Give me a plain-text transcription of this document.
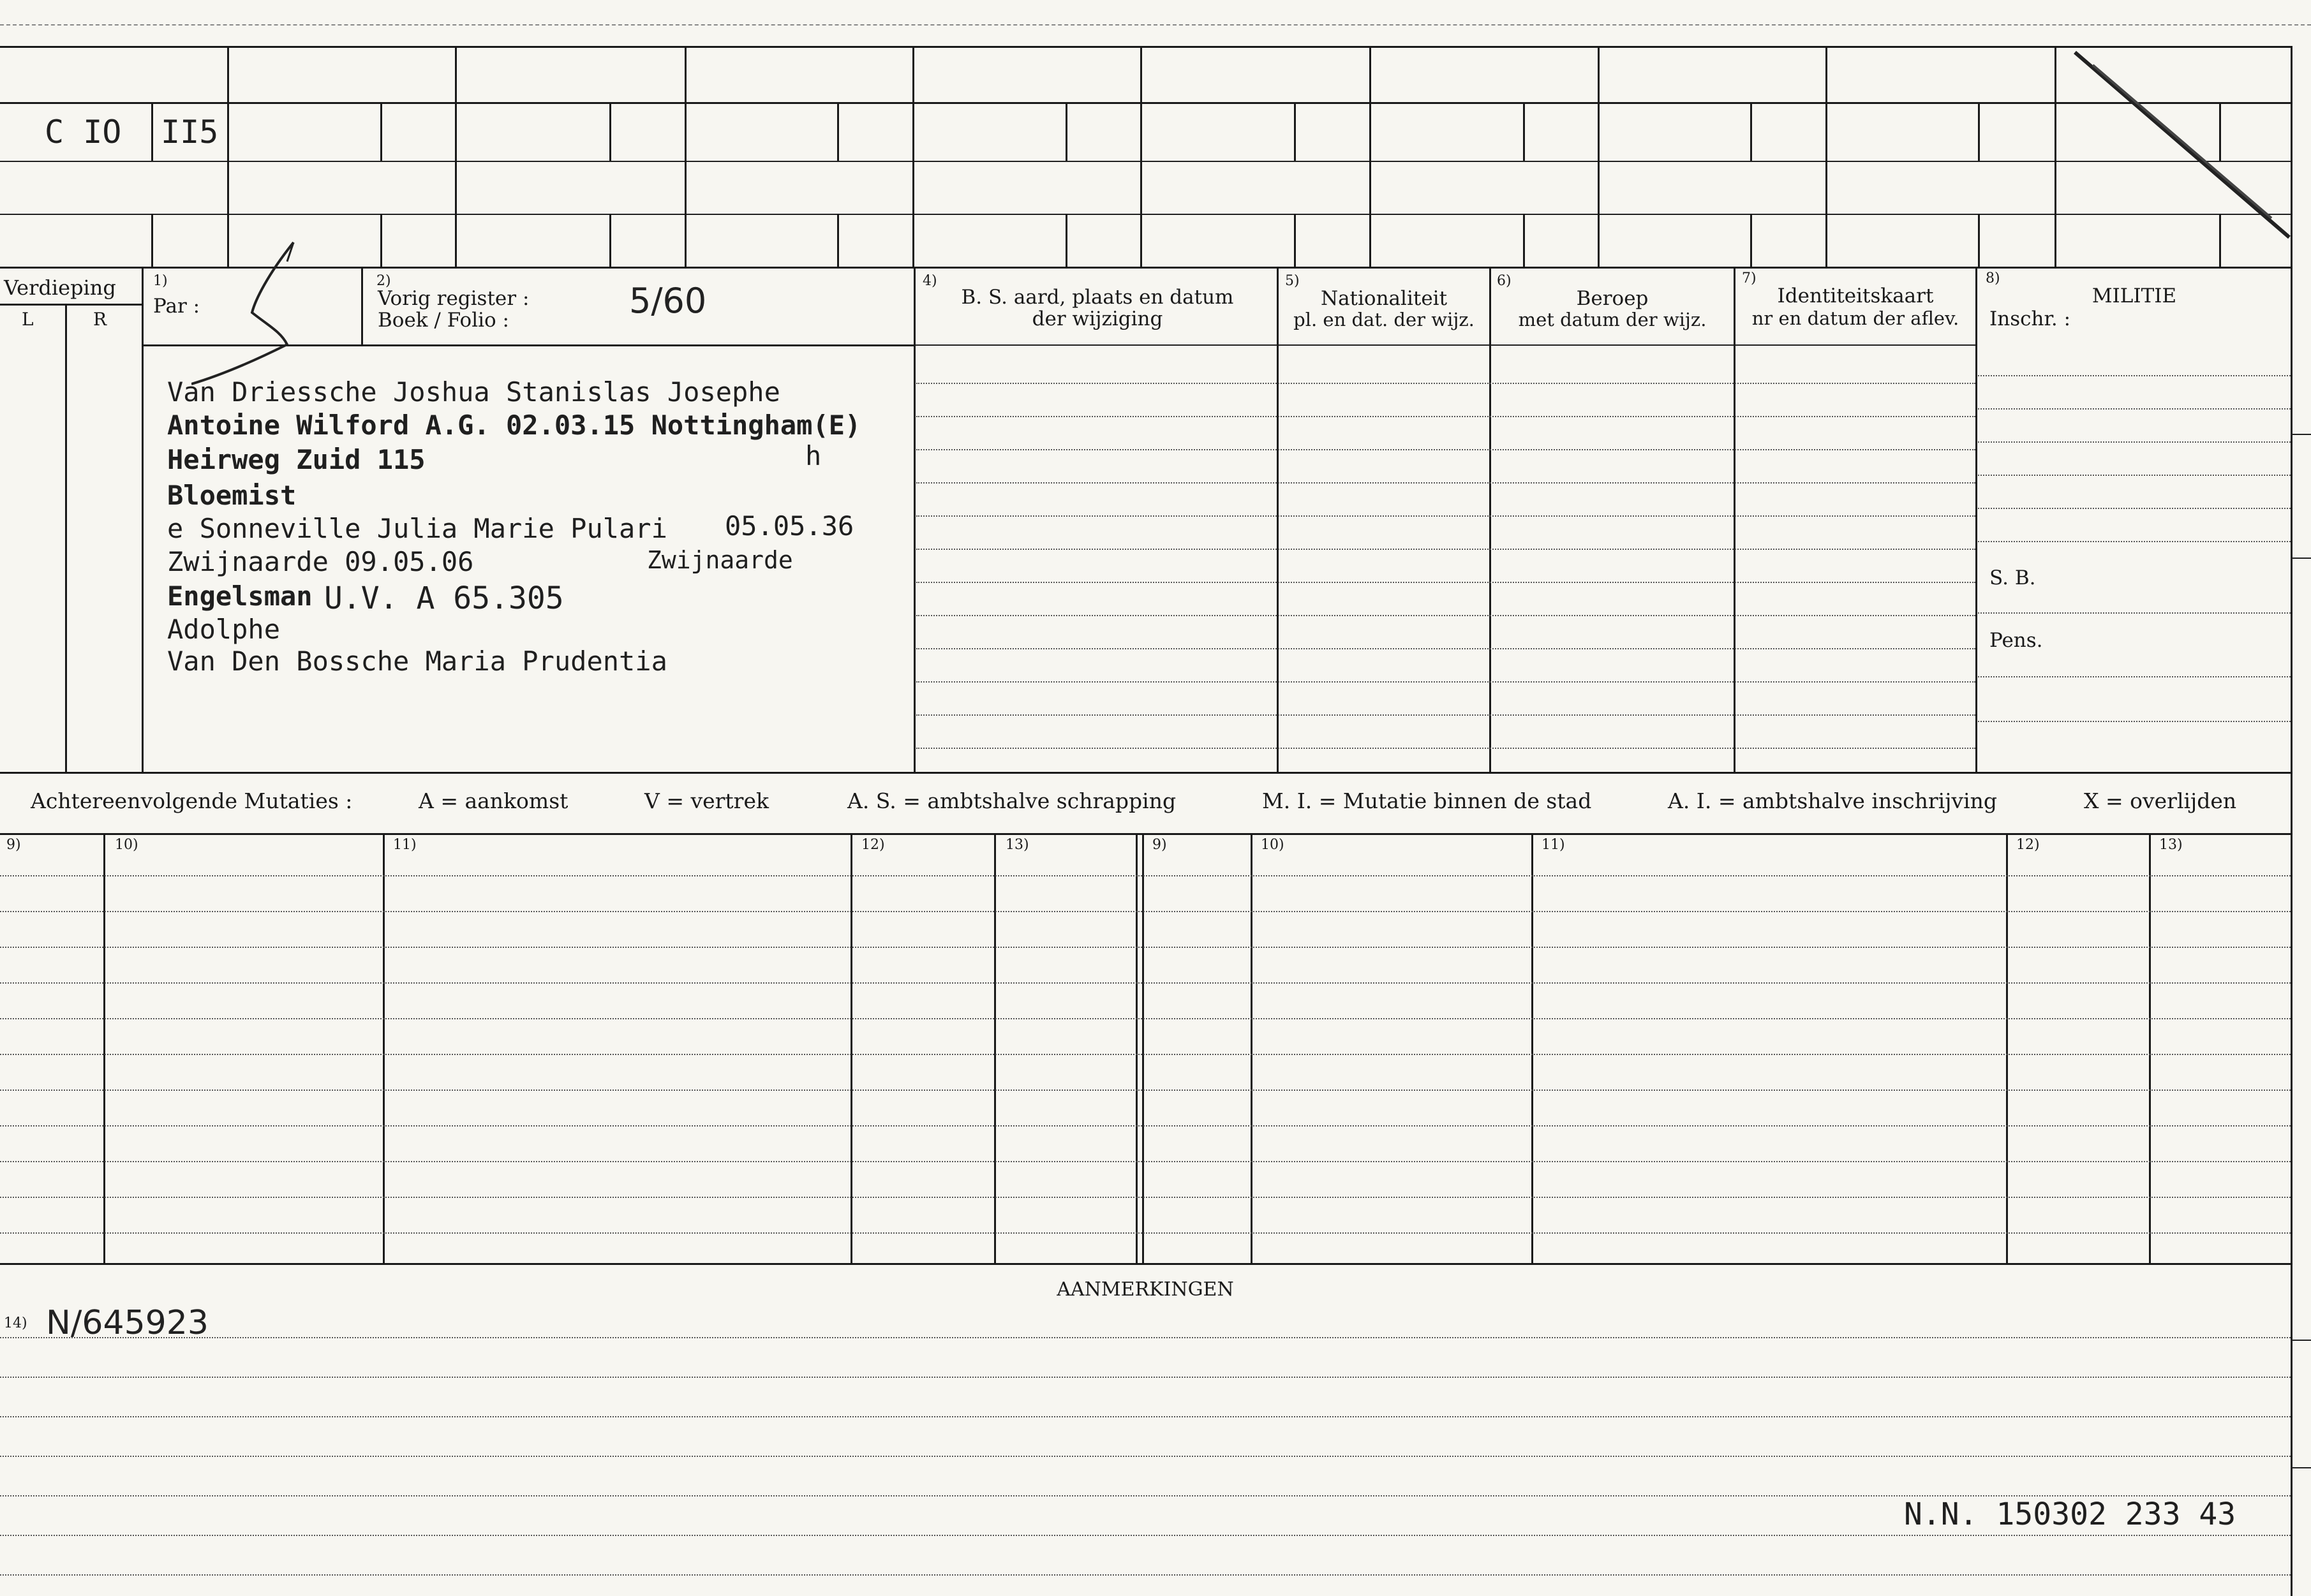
C IO II5
Verdieping
L	R
1)
Par :
2)
Vorig register :
Boek / Folio :	5/60	4)
B. S. aard, plaats en datum
der wijziging
5)
Nationaliteit
pl. en dat. der wijz.
6)
Beroep
met datum der wijz.
7)
Identiteitskaart
nr en datum der aflev.
8)
MILITIE
Inschr. :
S. B.
Pens.
Van Driessche Joshua Stanislas Josephe
Antoine Wilford A.G. 02.03.15 Nottingham(E)
Heirweg Zuid 115	h
Bloemist
e Sonneville Julia Marie Pulari 05.05.36
Zwijnaarde 09.05.06	Zwijnaarde
Engelsman U.V. A 65.305
Adolphe
Van Den Bossche Maria Prudentia
Achtereenvolgende Mutaties :	A = aankomst	V = vertrek	A. S. = ambtshalve schrapping	M. I. = Mutatie binnen de stad	A. I. = ambtshalve inschrijving	X = overlijden
9)	10)	11)	12)	13)	9)	10)	11)	12)	13)
AANMERKINGEN
14) N/645923
N.N. 150302 233 43
